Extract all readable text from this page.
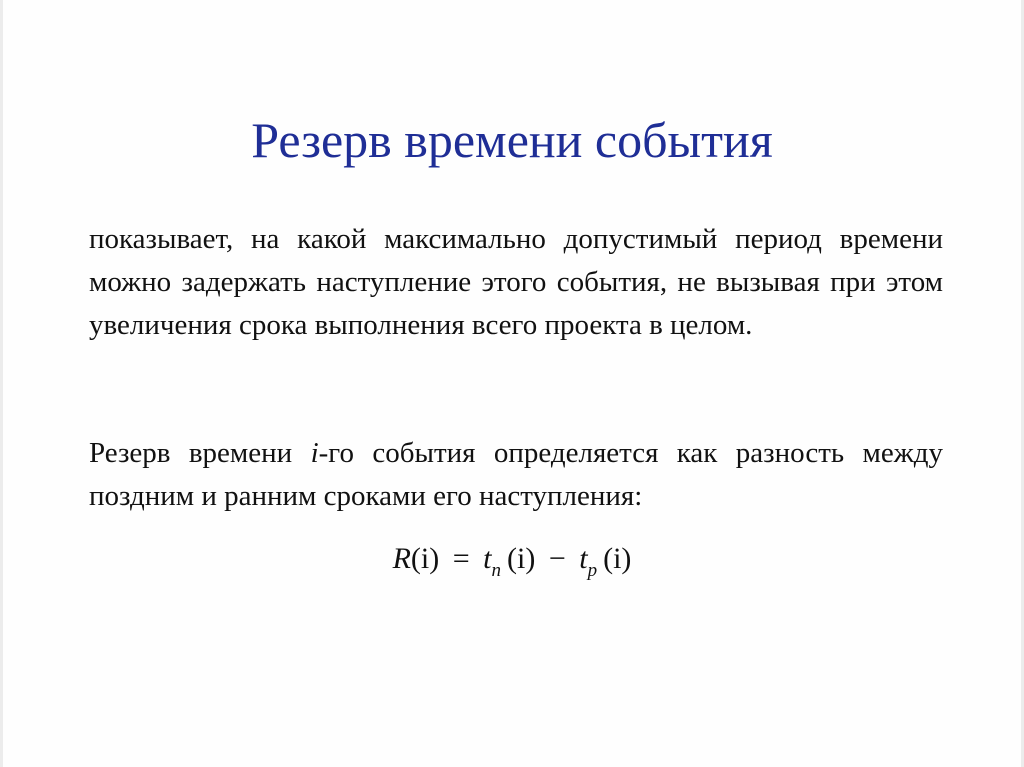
Резерв времени события

показывает, на какой максимально допустимый период времени можно задержать наступление этого события, не вызывая при этом увеличения срока выполнения всего проекта в целом.

Резерв времени i-го события определяется как разность между поздним и ранним сроками его наступления:

$R(i) = t_п$ $(i) - t_р$ (i)
